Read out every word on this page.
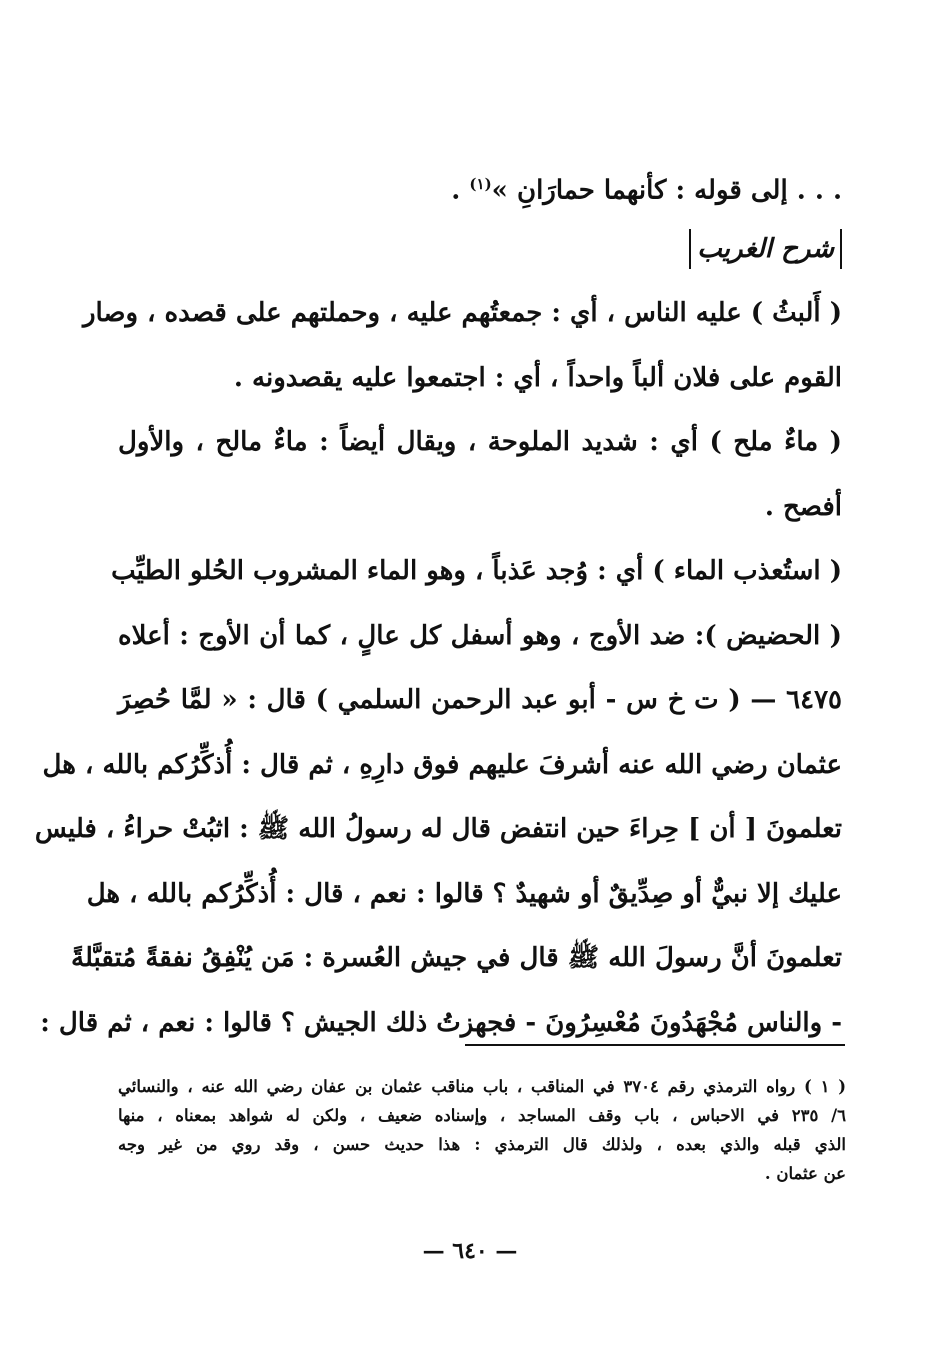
. . . إلى قوله : كأنهما حمارَانِ »$^{(١)}$ .
شرح الغريب
( أَلبثُ ) عليه الناس ، أي : جمعتُهم عليه ، وحملتهم على قصده ، وصار
القوم على فلان ألباً واحداً ، أي : اجتمعوا عليه يقصدونه .
( ماءٌ ملح ) أي : شديد الملوحة ، ويقال أيضاً : ماءٌ مالح ، والأول
أفصح .
( استُعذب الماء ) أي : وُجد عَذباً ، وهو الماء المشروب الحُلو الطيِّب
( الحضيض ): ضد الأوج ، وهو أسفل كل عالٍ ، كما أن الأوج : أعلاه
٦٤٧٥ — ( ت خ س - أبو عبد الرحمن السلمي ) قال : « لمَّا حُصِرَ
عثمان رضي الله عنه أشرفَ عليهم فوق دارِهِ ، ثم قال : أُذكِّرُكم بالله ، هل
تعلمونَ [ أن ] حِراءَ حين انتفض قال له رسولُ الله ﷺ : اثبُتْ حراءُ ، فليس
عليك إلا نبيٌّ أو صِدِّيقٌ أو شهيدٌ ؟ قالوا : نعم ، قال : أُذكِّرُكم بالله ، هل
تعلمونَ أنَّ رسولَ الله ﷺ قال في جيش العُسرة : مَن يُنْفِقُ نفقةً مُتقبَّلةً
- والناس مُجْهَدُونَ مُعْسِرُونَ - فجهزتُ ذلك الجيش ؟ قالوا : نعم ، ثم قال :
( ١ ) رواه الترمذي رقم ٣٧٠٤ في المناقب ، باب مناقب عثمان بن عفان رضي الله عنه ، والنسائي
٦/ ٢٣٥ في الاحباس ، باب وقف المساجد ، وإسناده ضعيف ، ولكن له شواهد بمعناه ، منها
الذي قبله والذي بعده ، ولذلك قال الترمذي : هذا حديث حسن ، وقد روي من غير وجه
عن عثمان .
— ٦٤٠ —
